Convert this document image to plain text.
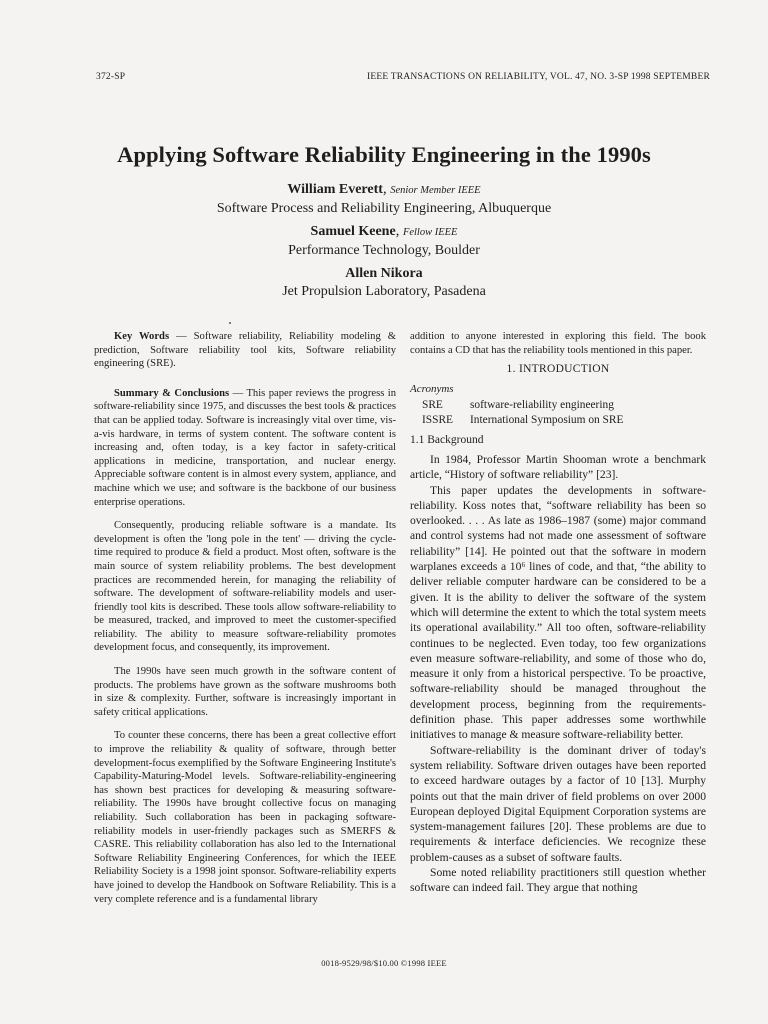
372-SP	IEEE TRANSACTIONS ON RELIABILITY, VOL. 47, NO. 3-SP 1998 SEPTEMBER
Applying Software Reliability Engineering in the 1990s
William Everett, Senior Member IEEE
Software Process and Reliability Engineering, Albuquerque
Samuel Keene, Fellow IEEE
Performance Technology, Boulder
Allen Nikora
Jet Propulsion Laboratory, Pasadena

Key Words — Software reliability, Reliability modeling & prediction, Software reliability tool kits, Software reliability engineering (SRE).

Summary & Conclusions — This paper reviews the progress in software-reliability since 1975, and discusses the best tools & practices that can be applied today. Software is increasingly vital over time, vis-a-vis hardware, in terms of system content. The software content is increasing and, often today, is a key factor in safety-critical applications in medicine, transportation, and nuclear energy. Appreciable software content is in almost every system, appliance, and machine which we use; and software is the backbone of our business enterprise operations.

Consequently, producing reliable software is a mandate. Its development is often the 'long pole in the tent' — driving the cycle-time required to produce & field a product. Most often, software is the main source of system reliability problems. The best development practices are recommended herein, for managing the reliability of software. The development of software-reliability models and user-friendly tool kits is described. These tools allow software-reliability to be measured, tracked, and improved to meet the customer-specified reliability. The ability to measure software-reliability promotes development focus, and consequently, its improvement.

The 1990s have seen much growth in the software content of products. The problems have grown as the software mushrooms both in size & complexity. Further, software is increasingly important in safety critical applications.

To counter these concerns, there has been a great collective effort to improve the reliability & quality of software, through better development-focus exemplified by the Software Engineering Institute's Capability-Maturing-Model levels. Software-reliability-engineering has shown best practices for developing & measuring software-reliability. The 1990s have brought collective focus on managing reliability. Such collaboration has been in packaging software-reliability models in user-friendly packages such as SMERFS & CASRE. This reliability collaboration has also led to the International Software Reliability Engineering Conferences, for which the IEEE Reliability Society is a 1998 joint sponsor. Software-reliability experts have joined to develop the Handbook on Software Reliability. This is a very complete reference and is a fundamental library

addition to anyone interested in exploring this field. The book contains a CD that has the reliability tools mentioned in this paper.

1. INTRODUCTION
Acronyms
SRE	software-reliability engineering
ISSRE	International Symposium on SRE
1.1 Background

In 1984, Professor Martin Shooman wrote a benchmark article, “History of software reliability” [23].

This paper updates the developments in software-reliability. Koss notes that, “software reliability has been so overlooked. . . . As late as 1986–1987 (some) major command and control systems had not made one assessment of software reliability” [14]. He pointed out that the software in modern warplanes exceeds a 10⁶ lines of code, and that, “the ability to deliver reliable computer hardware can be considered to be a given. It is the ability to deliver the software of the system which will determine the extent to which the total system meets its operational availability.” All too often, software-reliability continues to be neglected. Even today, too few organizations even measure software-reliability, and some of those who do, measure it only from a historical perspective. To be proactive, software-reliability should be managed throughout the development process, beginning from the requirements-definition phase. This paper addresses some worthwhile initiatives to manage & measure software-reliability better.

Software-reliability is the dominant driver of today's system reliability. Software driven outages have been reported to exceed hardware outages by a factor of 10 [13]. Murphy points out that the main driver of field problems on over 2000 European deployed Digital Equipment Corporation systems are system-management failures [20]. These problems are due to requirements & interface deficiencies. We recognize these problem-causes as a subset of software faults.

Some noted reliability practitioners still question whether software can indeed fail. They argue that nothing

0018-9529/98/$10.00 ©1998 IEEE
